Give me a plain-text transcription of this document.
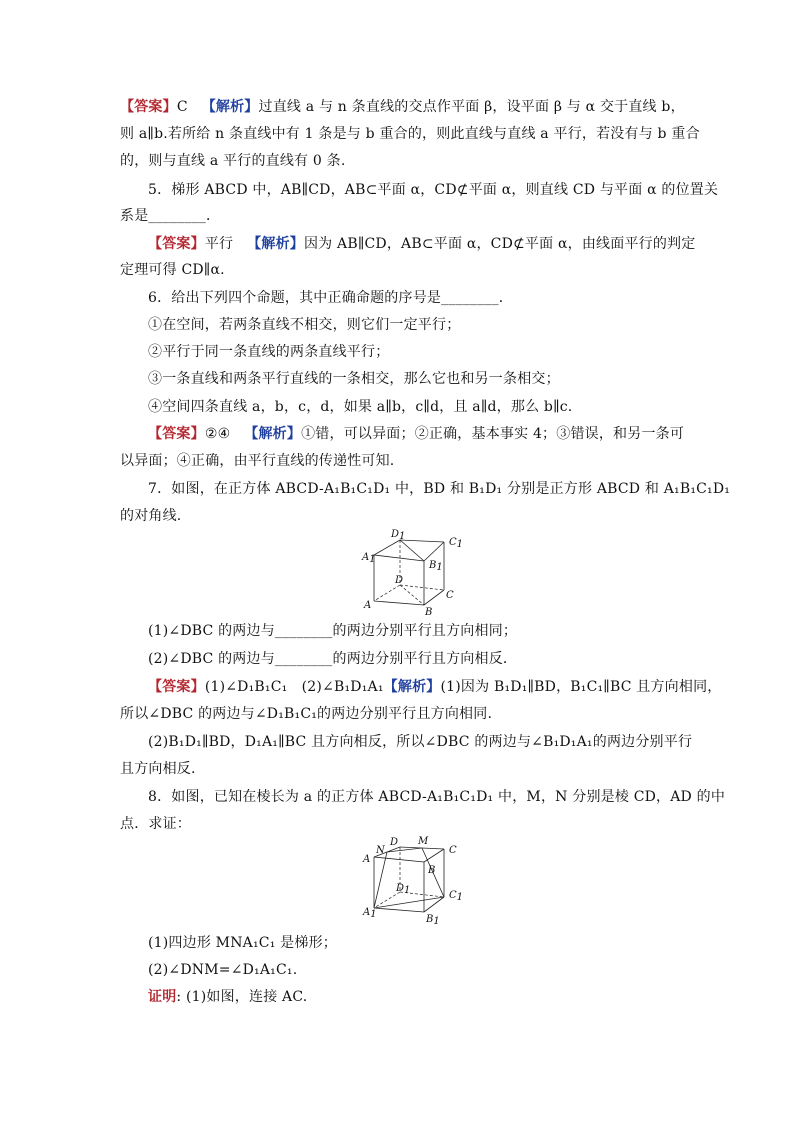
【答案】C 【解析】过直线 a 与 n 条直线的交点作平面 β，设平面 β 与 α 交于直线 b，
则 a∥b.若所给 n 条直线中有 1 条是与 b 重合的，则此直线与直线 a 平行，若没有与 b 重合
的，则与直线 a 平行的直线有 0 条.
5．梯形 ABCD 中，AB∥CD，AB⊂平面 α，CD⊄平面 α，则直线 CD 与平面 α 的位置关
系是________．
【答案】平行 【解析】因为 AB∥CD，AB⊂平面 α，CD⊄平面 α，由线面平行的判定
定理可得 CD∥α.
6．给出下列四个命题，其中正确命题的序号是________．
①在空间，若两条直线不相交，则它们一定平行；
②平行于同一条直线的两条直线平行；
③一条直线和两条平行直线的一条相交，那么它也和另一条相交；
④空间四条直线 a，b，c，d，如果 a∥b，c∥d，且 a∥d，那么 b∥c.
【答案】②④ 【解析】①错，可以异面；②正确，基本事实 4；③错误，和另一条可
以异面；④正确，由平行直线的传递性可知.
7．如图，在正方体 ABCD-A₁B₁C₁D₁ 中，BD 和 B₁D₁ 分别是正方形 ABCD 和 A₁B₁C₁D₁
的对角线.
A1
D1
C1
B1
D
A
C
B
(1)∠DBC 的两边与________的两边分别平行且方向相同；
(2)∠DBC 的两边与________的两边分别平行且方向相反．
【答案】(1)∠D₁B₁C₁　(2)∠B₁D₁A₁【解析】(1)因为 B₁D₁∥BD，B₁C₁∥BC 且方向相同，
所以∠DBC 的两边与∠D₁B₁C₁的两边分别平行且方向相同.
(2)B₁D₁∥BD，D₁A₁∥BC 且方向相反，所以∠DBC 的两边与∠B₁D₁A₁的两边分别平行
且方向相反.
8．如图，已知在棱长为 a 的正方体 ABCD-A₁B₁C₁D₁ 中，M，N 分别是棱 CD，AD 的中
点．求证：
D M
N
A
C
B
D1	C1
A1	B1
(1)四边形 MNA₁C₁ 是梯形；
(2)∠DNM=∠D₁A₁C₁.
证明: (1)如图，连接 AC.
